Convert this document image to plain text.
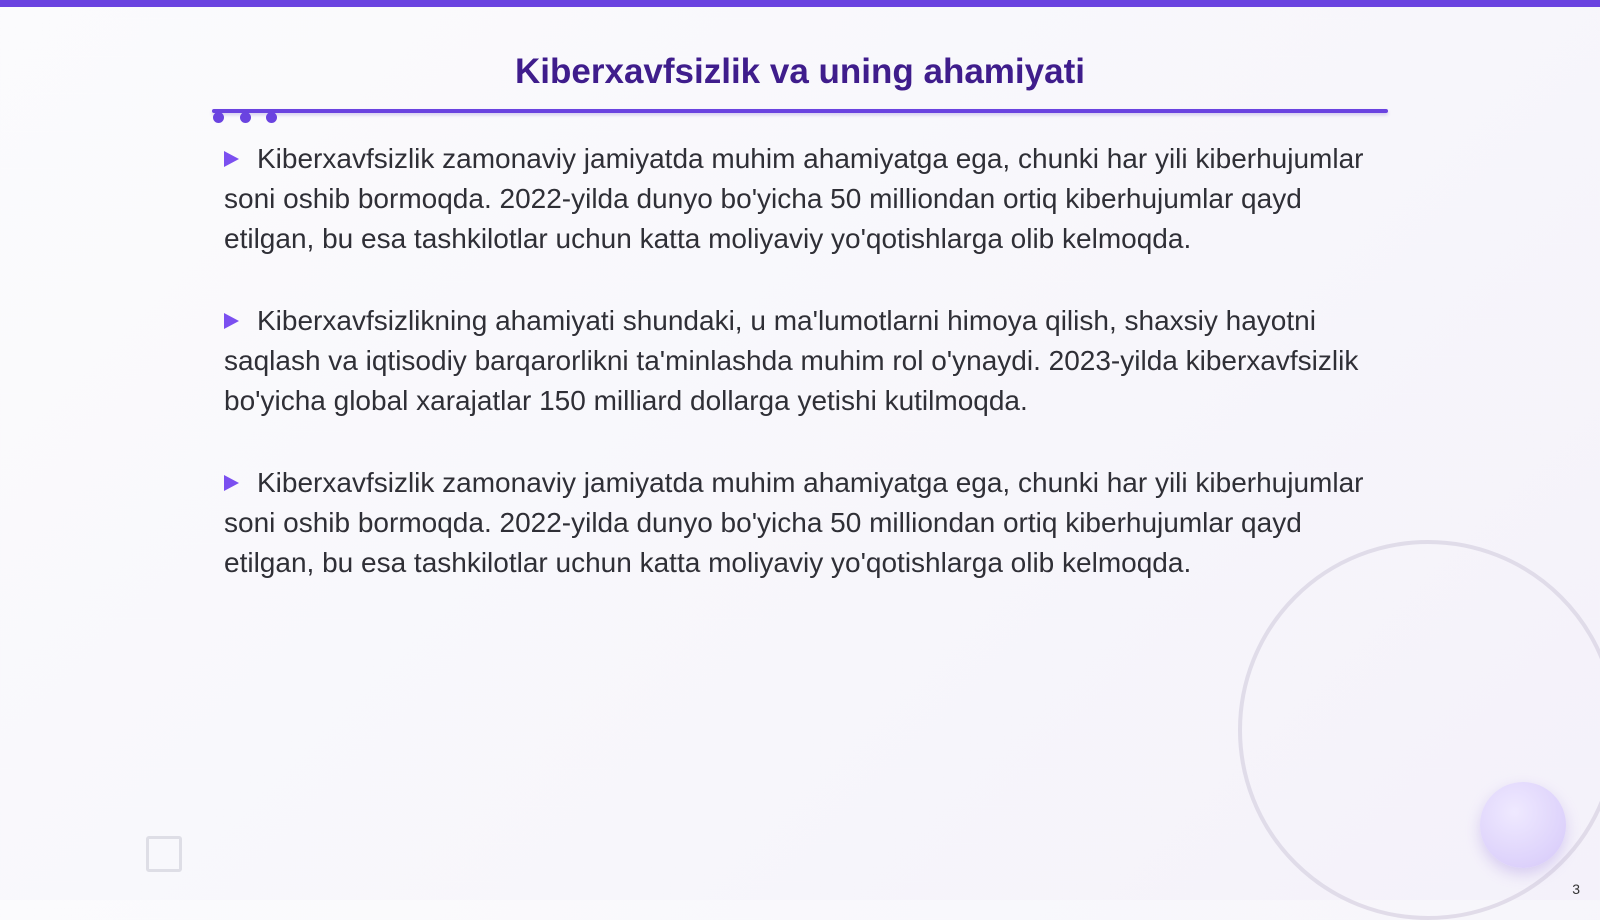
Kiberxavfsizlik va uning ahamiyati

Kiberxavfsizlik zamonaviy jamiyatda muhim ahamiyatga ega, chunki har yili kiberhujumlar soni oshib bormoqda. 2022-yilda dunyo bo'yicha 50 milliondan ortiq kiberhujumlar qayd etilgan, bu esa tashkilotlar uchun katta moliyaviy yo'qotishlarga olib kelmoqda.

Kiberxavfsizlikning ahamiyati shundaki, u ma'lumotlarni himoya qilish, shaxsiy hayotni saqlash va iqtisodiy barqarorlikni ta'minlashda muhim rol o'ynaydi. 2023-yilda kiberxavfsizlik bo'yicha global xarajatlar 150 milliard dollarga yetishi kutilmoqda.

Kiberxavfsizlik zamonaviy jamiyatda muhim ahamiyatga ega, chunki har yili kiberhujumlar soni oshib bormoqda. 2022-yilda dunyo bo'yicha 50 milliondan ortiq kiberhujumlar qayd etilgan, bu esa tashkilotlar uchun katta moliyaviy yo'qotishlarga olib kelmoqda.

3
